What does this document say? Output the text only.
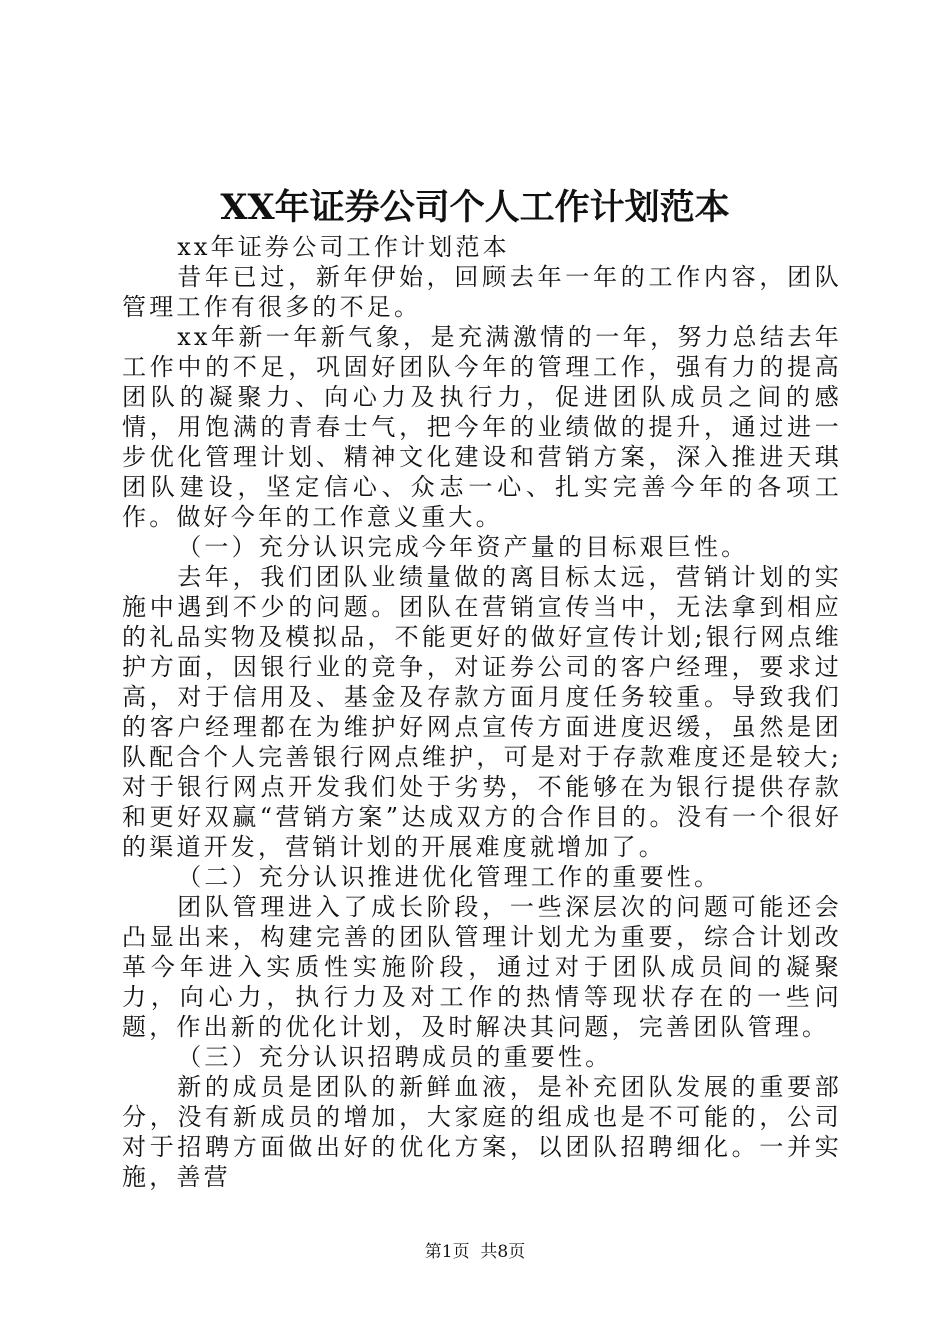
XX年证券公司个人工作计划范本

xx年证券公司工作计划范本

昔年已过，新年伊始，回顾去年一年的工作内容，团队管理工作有很多的不足。

xx年新一年新气象，是充满激情的一年，努力总结去年工作中的不足，巩固好团队今年的管理工作，强有力的提高团队的凝聚力、向心力及执行力，促进团队成员之间的感情，用饱满的青春士气，把今年的业绩做的提升，通过进一步优化管理计划、精神文化建设和营销方案，深入推进天琪团队建设，坚定信心、众志一心、扎实完善今年的各项工作。做好今年的工作意义重大。

（一）充分认识完成今年资产量的目标艰巨性。

去年，我们团队业绩量做的离目标太远，营销计划的实施中遇到不少的问题。团队在营销宣传当中，无法拿到相应的礼品实物及模拟品，不能更好的做好宣传计划;银行网点维护方面，因银行业的竞争，对证券公司的客户经理，要求过高，对于信用及、基金及存款方面月度任务较重。导致我们的客户经理都在为维护好网点宣传方面进度迟缓，虽然是团队配合个人完善银行网点维护，可是对于存款难度还是较大;对于银行网点开发我们处于劣势，不能够在为银行提供存款和更好双赢“营销方案”达成双方的合作目的。没有一个很好的渠道开发，营销计划的开展难度就增加了。

（二）充分认识推进优化管理工作的重要性。

团队管理进入了成长阶段，一些深层次的问题可能还会凸显出来，构建完善的团队管理计划尤为重要，综合计划改革今年进入实质性实施阶段，通过对于团队成员间的凝聚力，向心力，执行力及对工作的热情等现状存在的一些问题，作出新的优化计划，及时解决其问题，完善团队管理。

（三）充分认识招聘成员的重要性。

新的成员是团队的新鲜血液，是补充团队发展的重要部分，没有新成员的增加，大家庭的组成也是不可能的，公司对于招聘方面做出好的优化方案，以团队招聘细化。一并实施，善营

第1页 共8页
